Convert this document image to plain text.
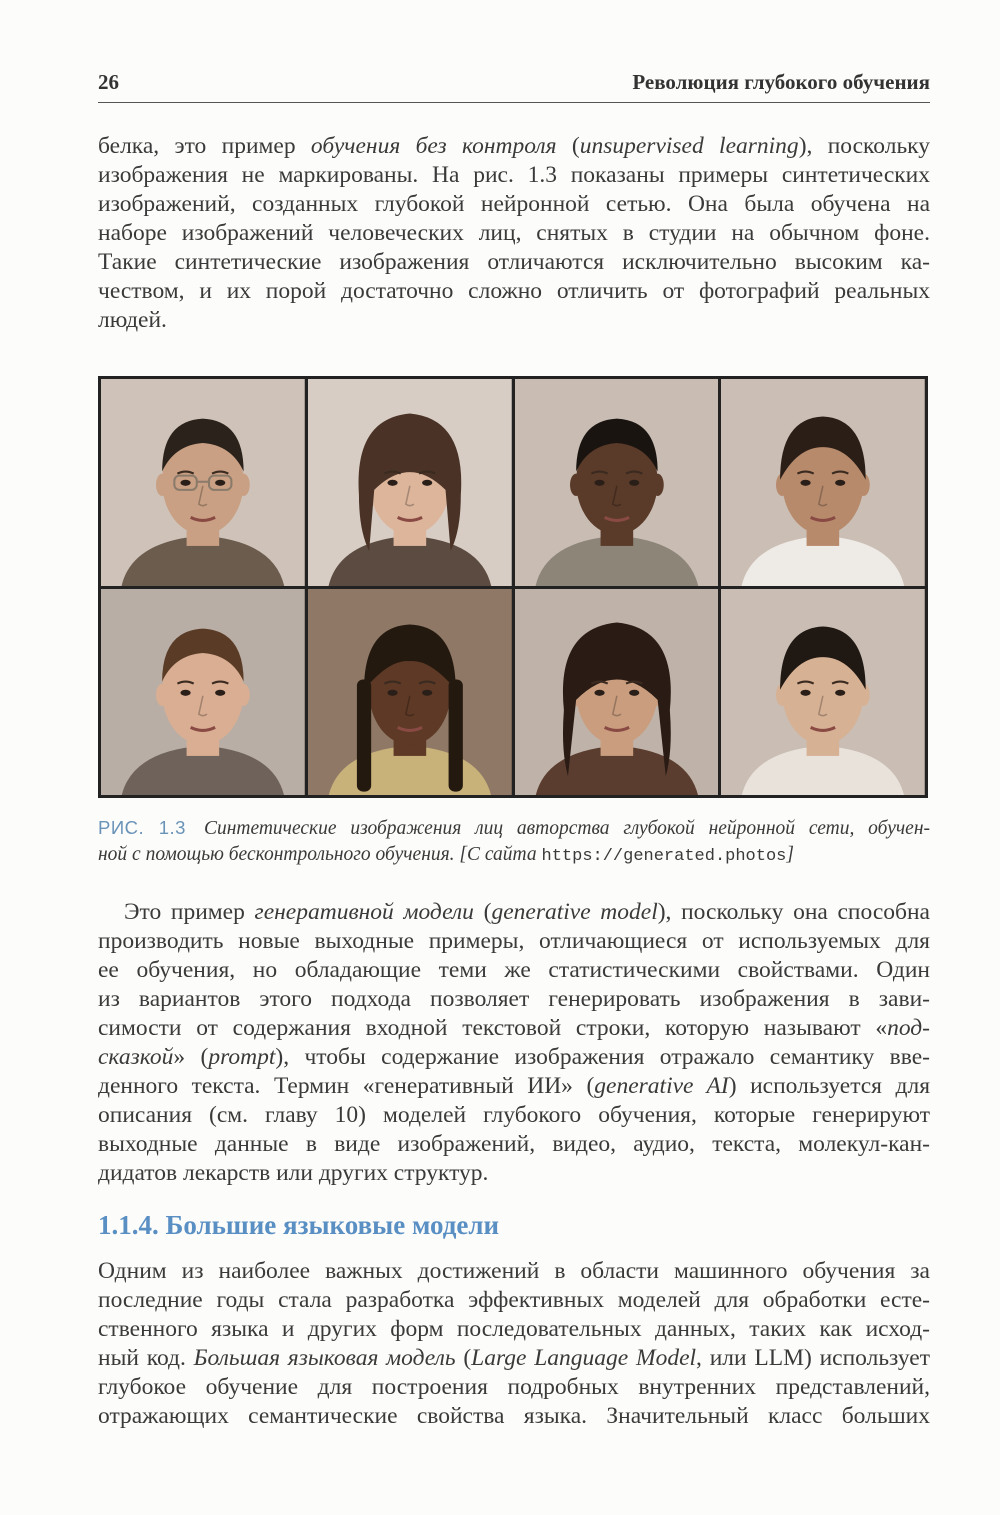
26	Революция глубокого обучения
белка, это пример обучения без контроля (unsupervised learning), поскольку
изображения не маркированы. На рис. 1.3 показаны примеры синтетических
изображений, созданных глубокой нейронной сетью. Она была обучена на
наборе изображений человеческих лиц, снятых в студии на обычном фоне.
Такие синтетические изображения отличаются исключительно высоким ка-
чеством, и их порой достаточно сложно отличить от фотографий реальных
людей.
РИС. 1.3 Синтетические изображения лиц авторства глубокой нейронной сети, обучен-
ной с помощью бесконтрольного обучения. [С сайта https://generated.photos]
Это пример генеративной модели (generative model), поскольку она способна
производить новые выходные примеры, отличающиеся от используемых для
ее обучения, но обладающие теми же статистическими свойствами. Один
из вариантов этого подхода позволяет генерировать изображения в зави-
симости от содержания входной текстовой строки, которую называют «под-
сказкой» (prompt), чтобы содержание изображения отражало семантику вве-
денного текста. Термин «генеративный ИИ» (generative AI) используется для
описания (см. главу 10) моделей глубокого обучения, которые генерируют
выходные данные в виде изображений, видео, аудио, текста, молекул-кан-
дидатов лекарств или других структур.
1.1.4. Большие языковые модели
Одним из наиболее важных достижений в области машинного обучения за
последние годы стала разработка эффективных моделей для обработки есте-
ственного языка и других форм последовательных данных, таких как исход-
ный код. Большая языковая модель (Large Language Model, или LLM) использует
глубокое обучение для построения подробных внутренних представлений,
отражающих семантические свойства языка. Значительный класс больших
